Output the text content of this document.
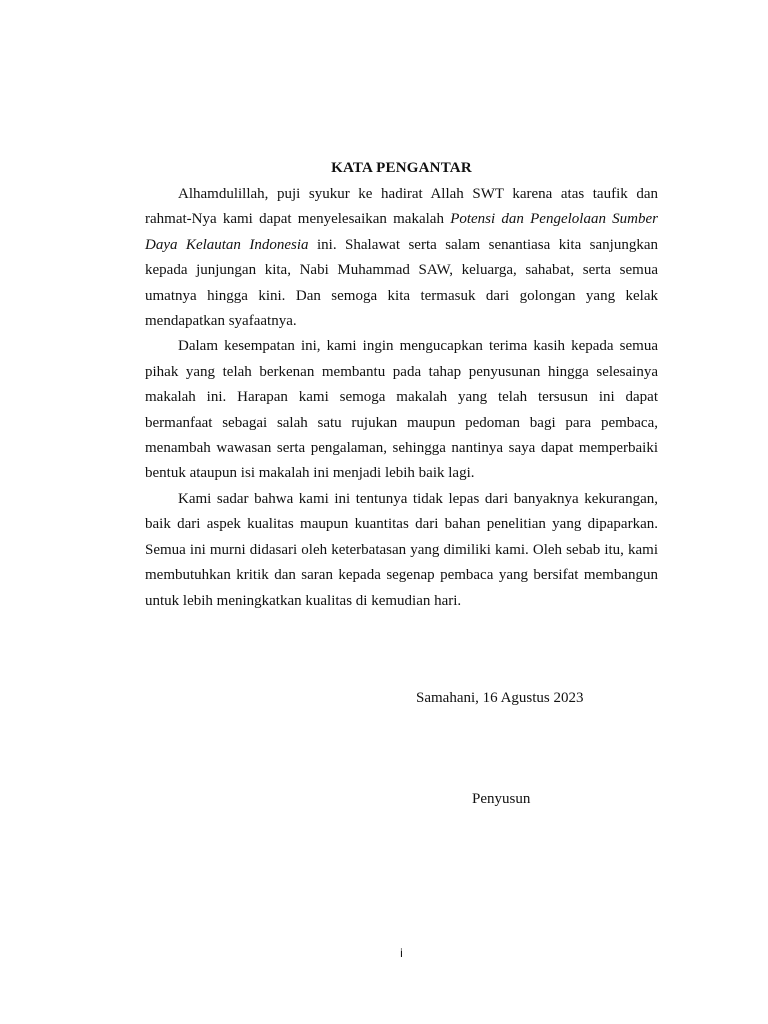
KATA PENGANTAR

Alhamdulillah, puji syukur ke hadirat Allah SWT karena atas taufik dan rahmat-Nya kami dapat menyelesaikan makalah Potensi dan Pengelolaan Sumber Daya Kelautan Indonesia ini. Shalawat serta salam senantiasa kita sanjungkan kepada junjungan kita, Nabi Muhammad SAW, keluarga, sahabat, serta semua umatnya hingga kini. Dan semoga kita termasuk dari golongan yang kelak mendapatkan syafaatnya.

Dalam kesempatan ini, kami ingin mengucapkan terima kasih kepada semua pihak yang telah berkenan membantu pada tahap penyusunan hingga selesainya makalah ini. Harapan kami semoga makalah yang telah tersusun ini dapat bermanfaat sebagai salah satu rujukan maupun pedoman bagi para pembaca, menambah wawasan serta pengalaman, sehingga nantinya saya dapat memperbaiki bentuk ataupun isi makalah ini menjadi lebih baik lagi.

Kami sadar bahwa kami ini tentunya tidak lepas dari banyaknya kekurangan, baik dari aspek kualitas maupun kuantitas dari bahan penelitian yang dipaparkan. Semua ini murni didasari oleh keterbatasan yang dimiliki kami. Oleh sebab itu, kami membutuhkan kritik dan saran kepada segenap pembaca yang bersifat membangun untuk lebih meningkatkan kualitas di kemudian hari.

Samahani, 16 Agustus 2023
Penyusun
i
